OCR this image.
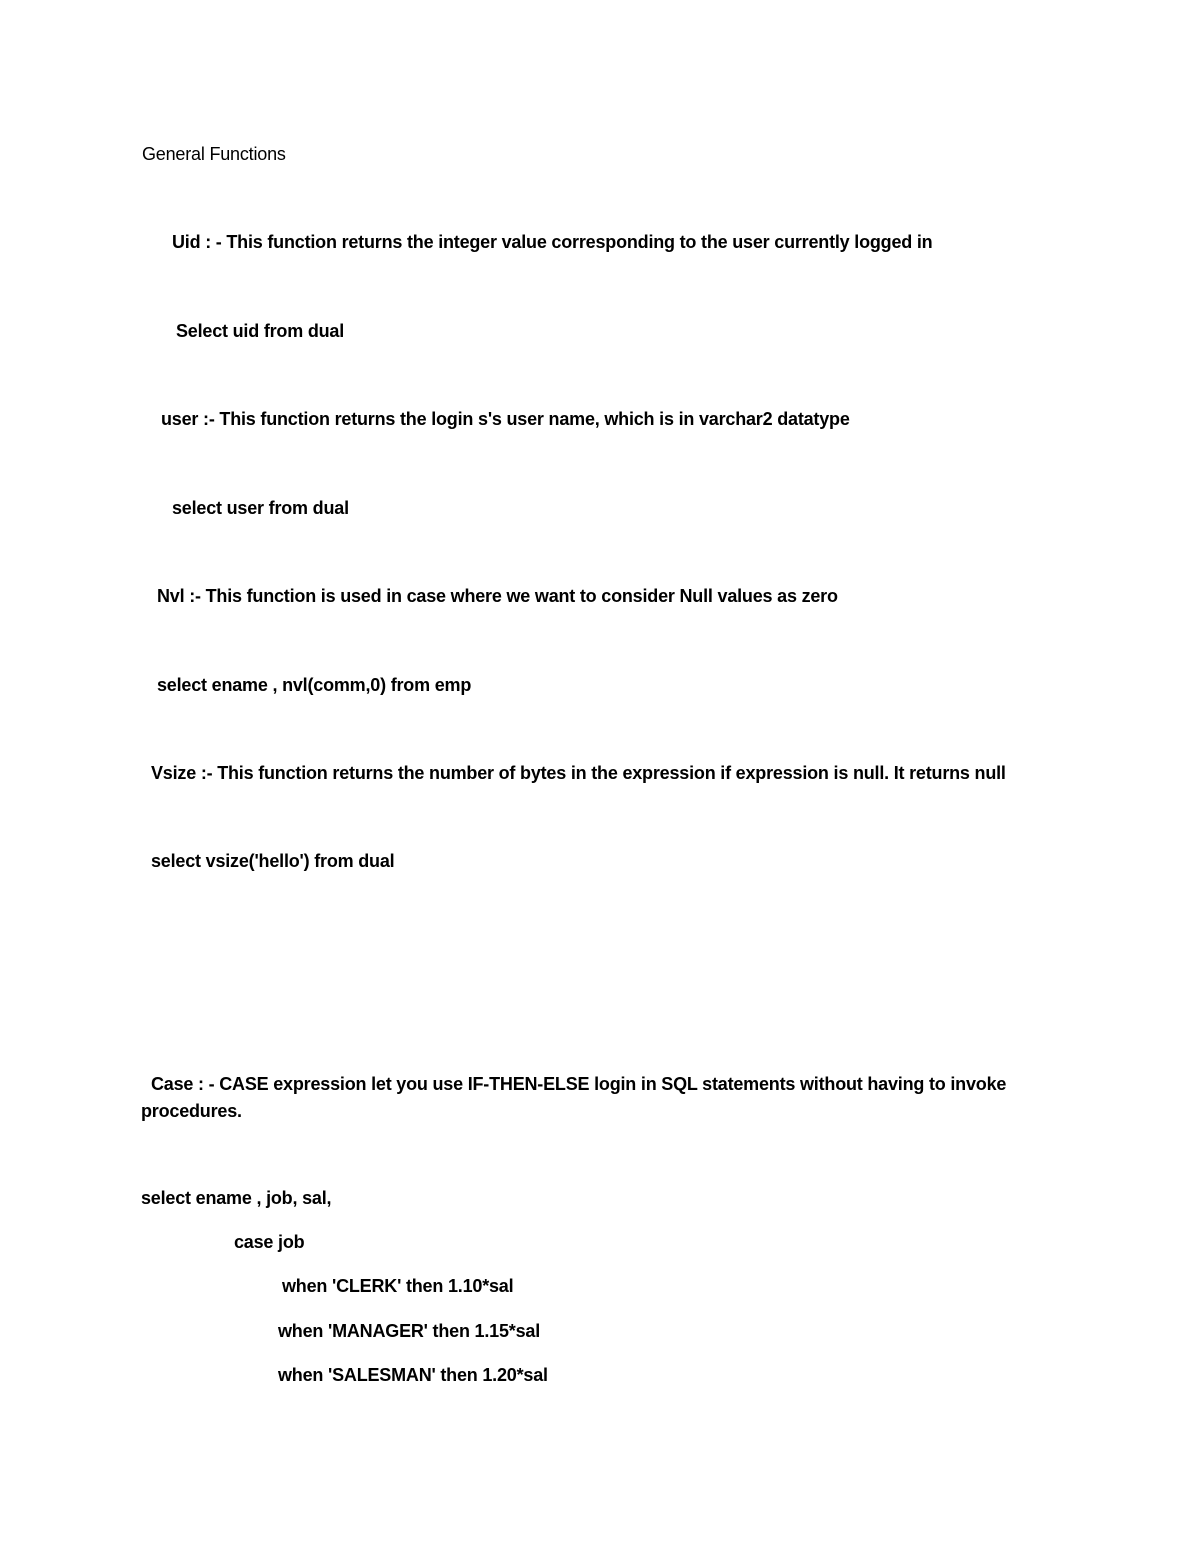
General Functions
Uid : - This function returns the integer value corresponding to the user currently logged in
Select uid from dual
user :- This function returns the login s's user name, which is in varchar2 datatype
select user from dual
Nvl :- This function is used in case where we want to consider Null values as zero
select ename , nvl(comm,0) from emp
Vsize :- This function returns the number of bytes in the expression if expression is null. It returns null
select vsize('hello') from dual
Case : - CASE expression let you use IF-THEN-ELSE login in SQL statements without having to invoke
procedures.
select ename , job, sal,
case job
when 'CLERK' then 1.10*sal
when 'MANAGER' then 1.15*sal
when 'SALESMAN' then 1.20*sal
